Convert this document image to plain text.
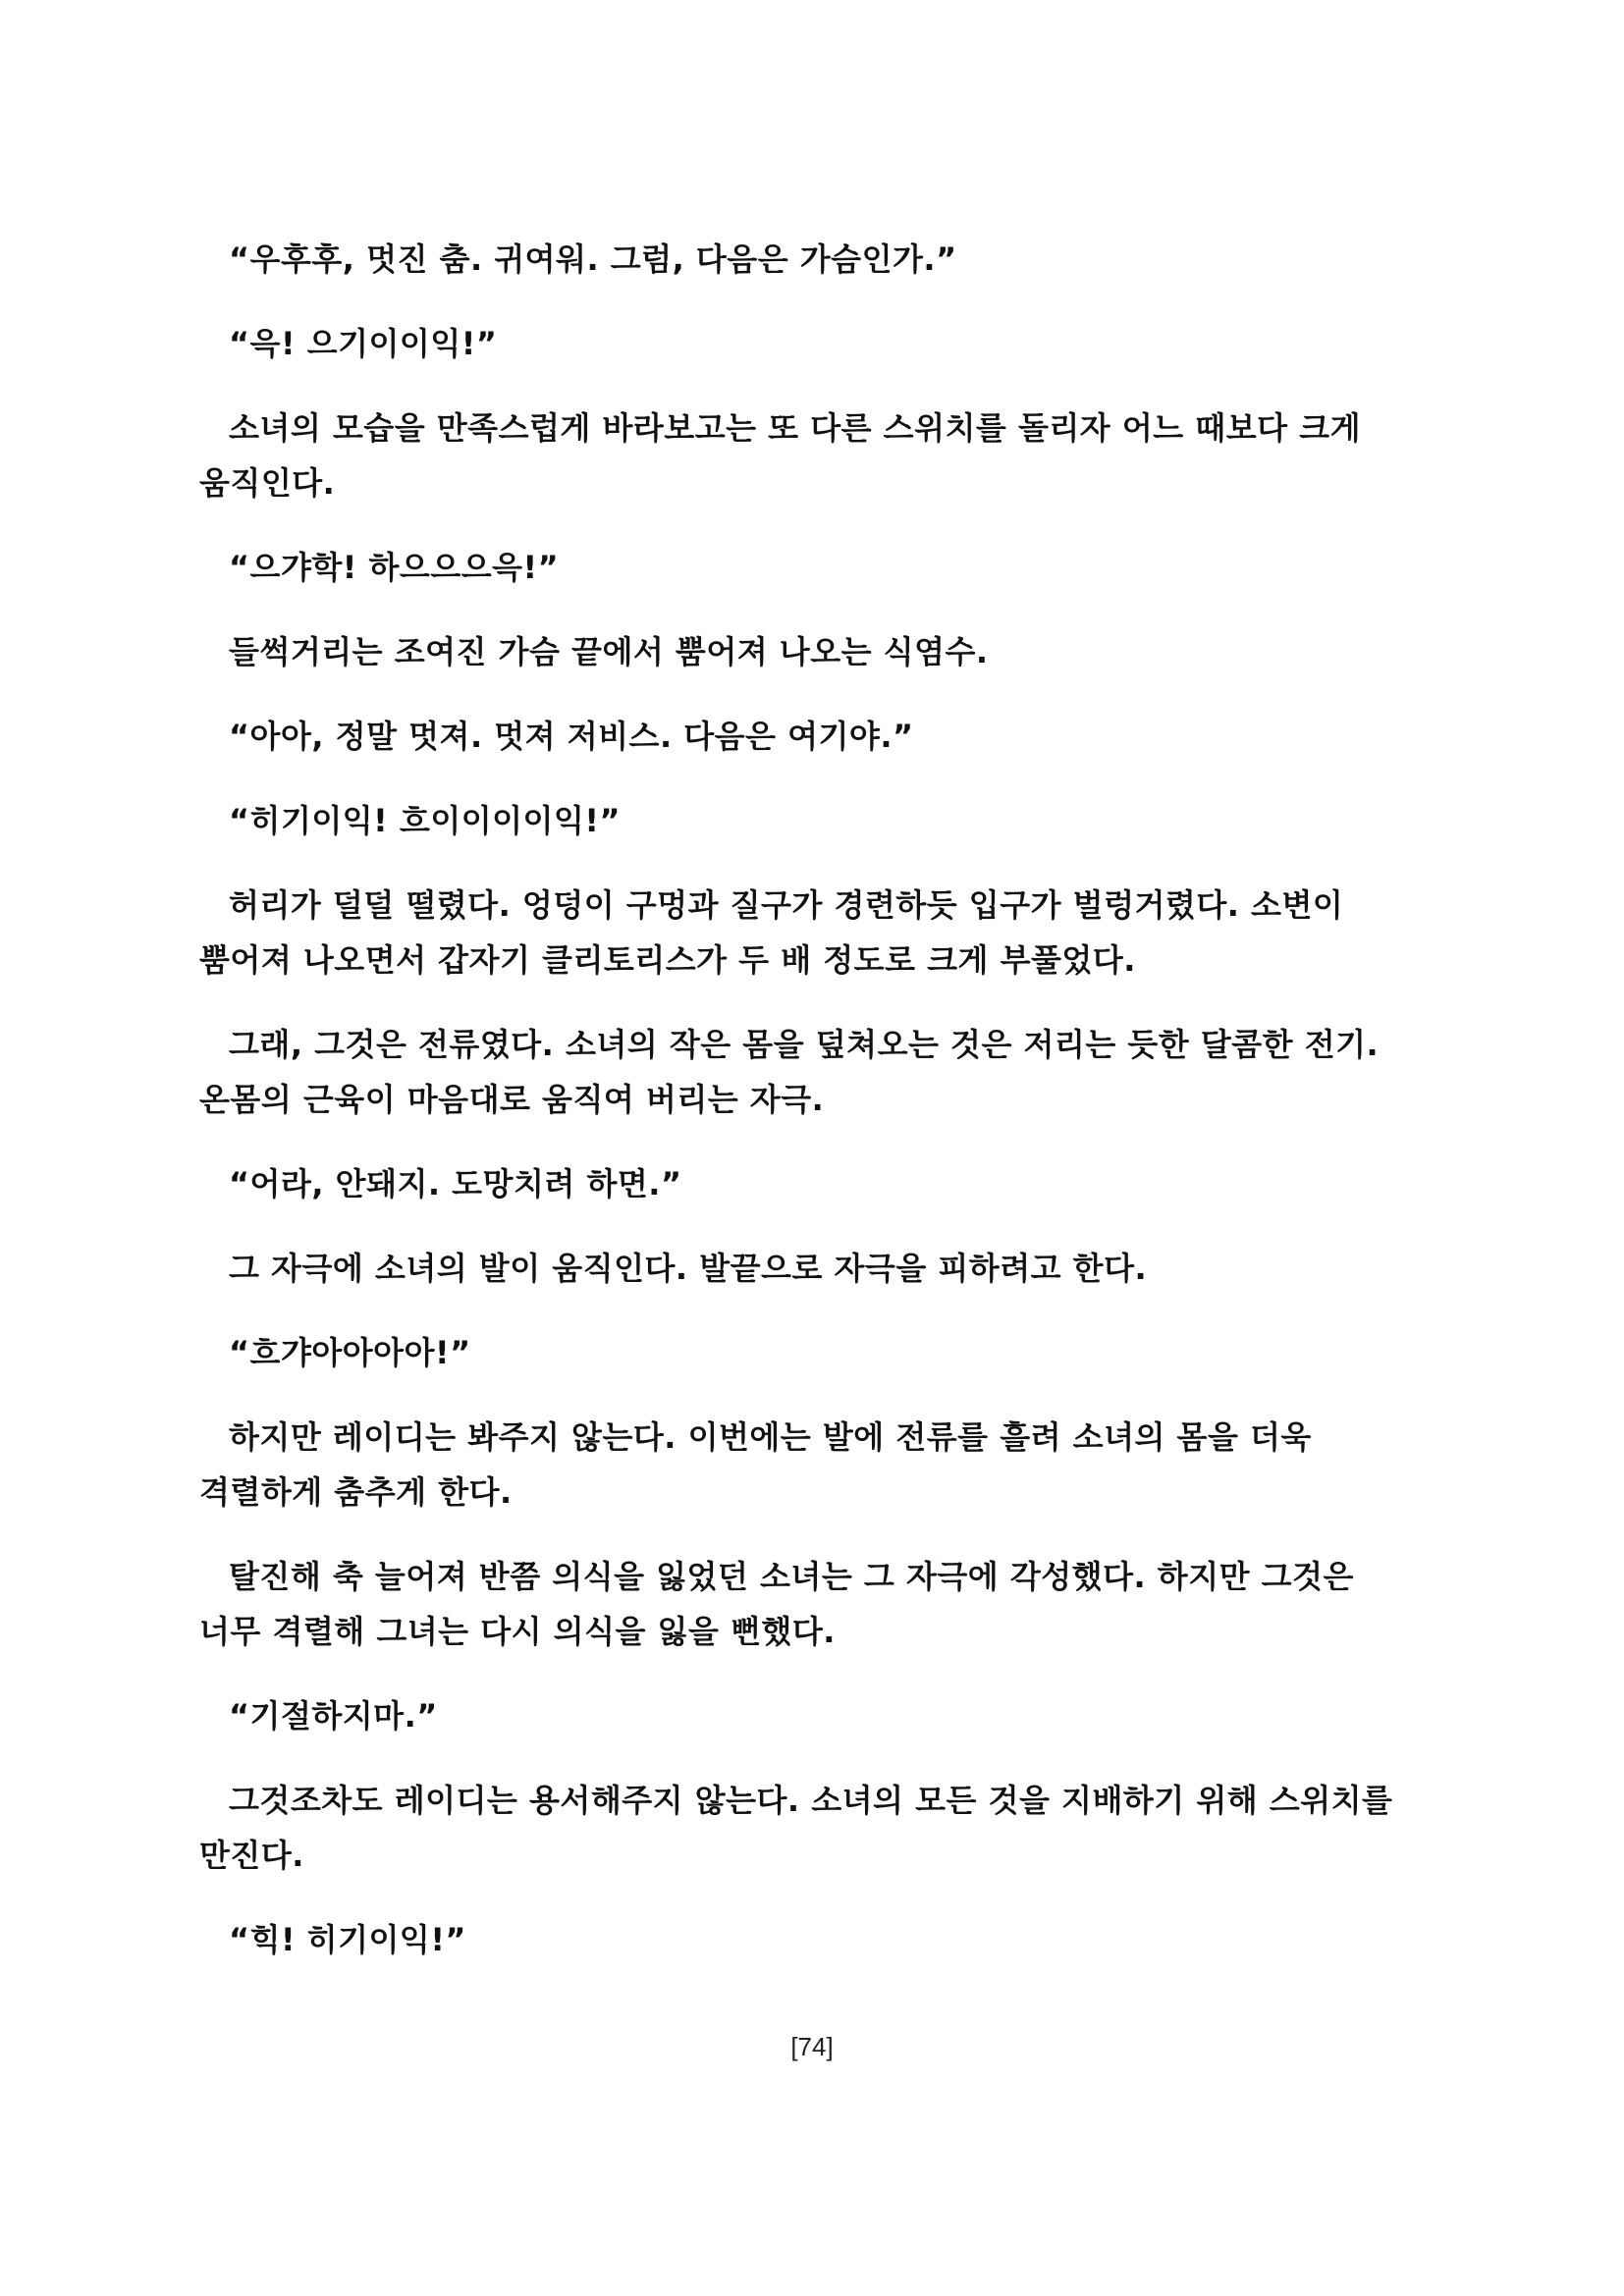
“우후후, 멋진 춤. 귀여워. 그럼, 다음은 가슴인가.”

“윽! 으기이이익!”

소녀의 모습을 만족스럽게 바라보고는 또 다른 스위치를 돌리자 어느 때보다 크게 움직인다.

“으갸학! 하으으으윽!”

들썩거리는 조여진 가슴 끝에서 뿜어져 나오는 식염수.

“아아, 정말 멋져. 멋져 저비스. 다음은 여기야.”

“히기이익! 흐이이이이익!”

허리가 덜덜 떨렸다. 엉덩이 구멍과 질구가 경련하듯 입구가 벌렁거렸다. 소변이 뿜어져 나오면서 갑자기 클리토리스가 두 배 정도로 크게 부풀었다.

그래, 그것은 전류였다. 소녀의 작은 몸을 덮쳐오는 것은 저리는 듯한 달콤한 전기. 온몸의 근육이 마음대로 움직여 버리는 자극.

“어라, 안돼지. 도망치려 하면.”

그 자극에 소녀의 발이 움직인다. 발끝으로 자극을 피하려고 한다.

“흐갸아아아아!”

하지만 레이디는 봐주지 않는다. 이번에는 발에 전류를 흘려 소녀의 몸을 더욱 격렬하게 춤추게 한다.

탈진해 축 늘어져 반쯤 의식을 잃었던 소녀는 그 자극에 각성했다. 하지만 그것은 너무 격렬해 그녀는 다시 의식을 잃을 뻔했다.

“기절하지마.”

그것조차도 레이디는 용서해주지 않는다. 소녀의 모든 것을 지배하기 위해 스위치를 만진다.

“힉! 히기이익!”

[74]
